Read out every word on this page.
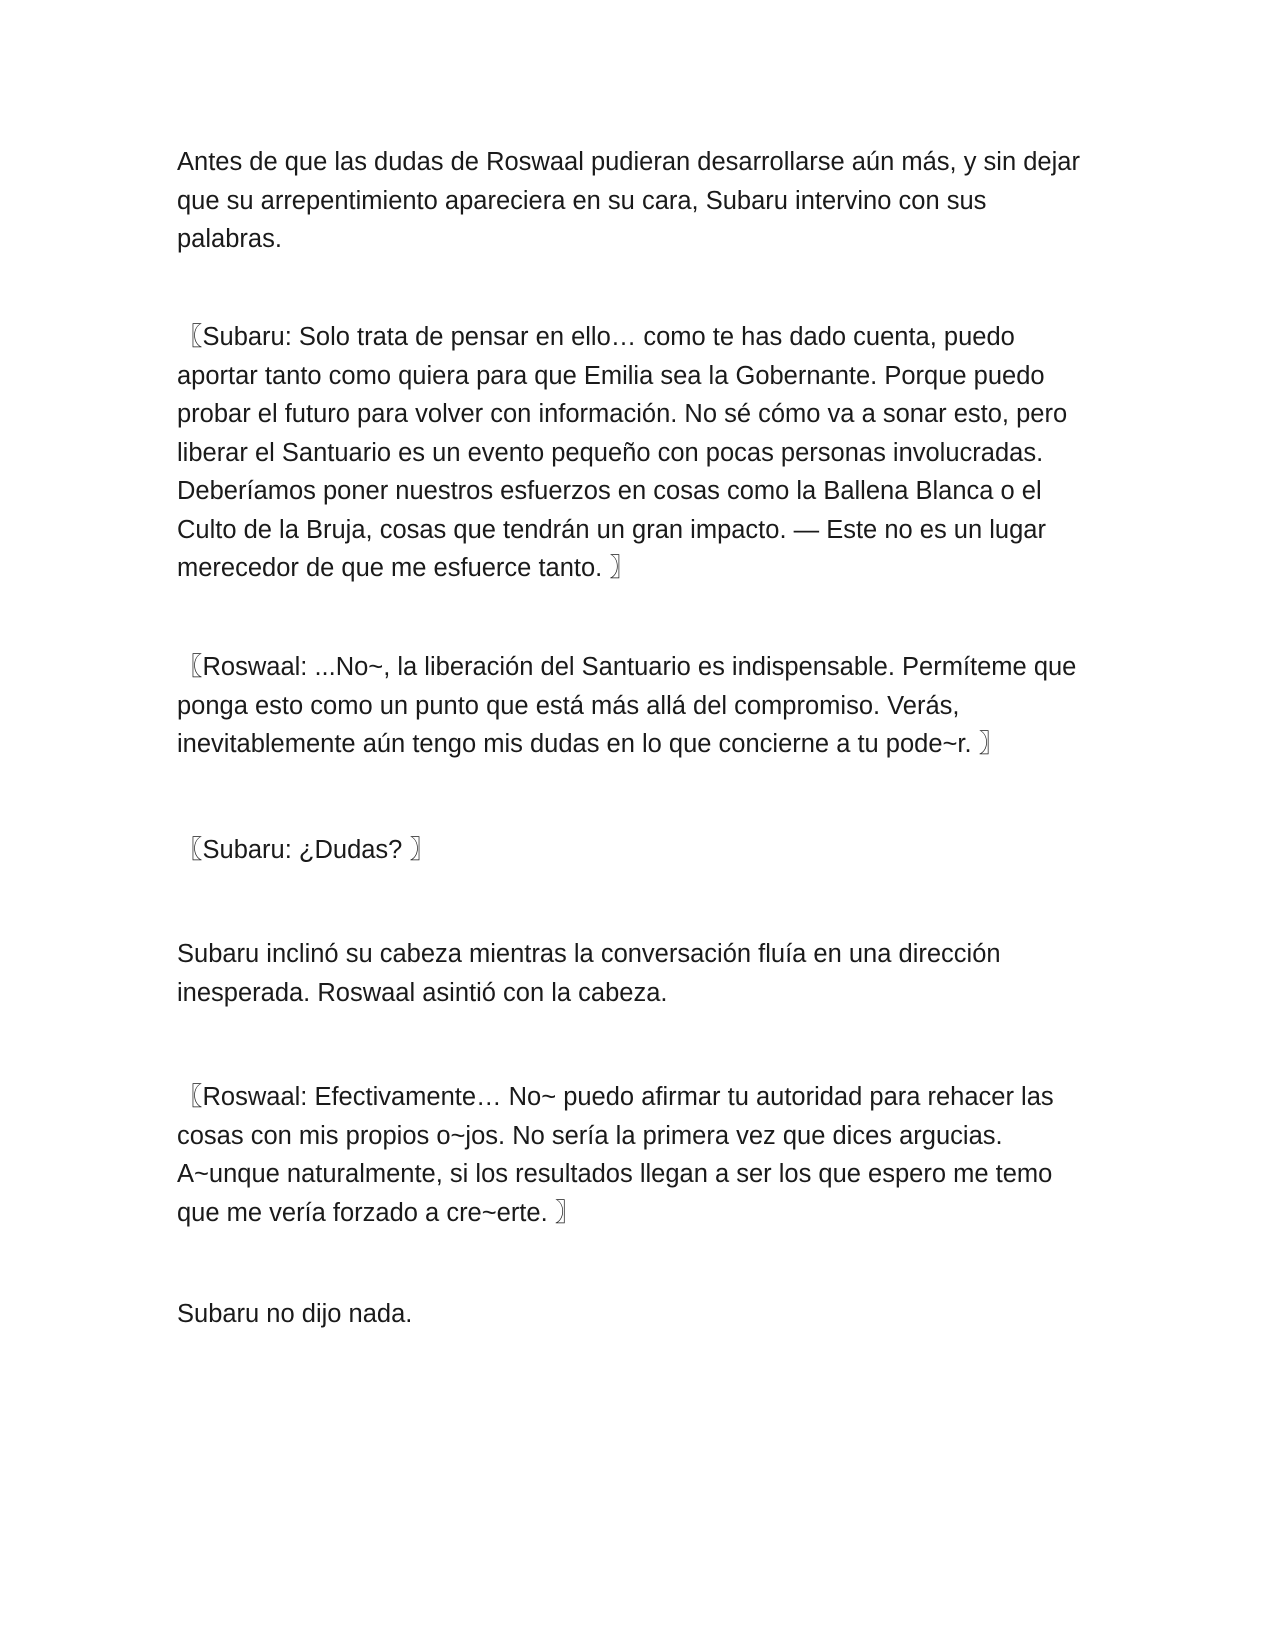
Antes de que las dudas de Roswaal pudieran desarrollarse aún más, y sin dejar que su arrepentimiento apareciera en su cara, Subaru intervino con sus palabras.

〖Subaru: Solo trata de pensar en ello… como te has dado cuenta, puedo aportar tanto como quiera para que Emilia sea la Gobernante. Porque puedo probar el futuro para volver con información. No sé cómo va a sonar esto, pero liberar el Santuario es un evento pequeño con pocas personas involucradas. Deberíamos poner nuestros esfuerzos en cosas como la Ballena Blanca o el Culto de la Bruja, cosas que tendrán un gran impacto. — Este no es un lugar merecedor de que me esfuerce tanto. 〗

〖Roswaal: ...No~, la liberación del Santuario es indispensable. Permíteme que ponga esto como un punto que está más allá del compromiso. Verás, inevitablemente aún tengo mis dudas en lo que concierne a tu pode~r. 〗

〖Subaru: ¿Dudas? 〗

Subaru inclinó su cabeza mientras la conversación fluía en una dirección inesperada. Roswaal asintió con la cabeza.

〖Roswaal: Efectivamente… No~ puedo afirmar tu autoridad para rehacer las cosas con mis propios o~jos. No sería la primera vez que dices argucias. A~unque naturalmente, si los resultados llegan a ser los que espero me temo que me vería forzado a cre~erte. 〗

Subaru no dijo nada.
